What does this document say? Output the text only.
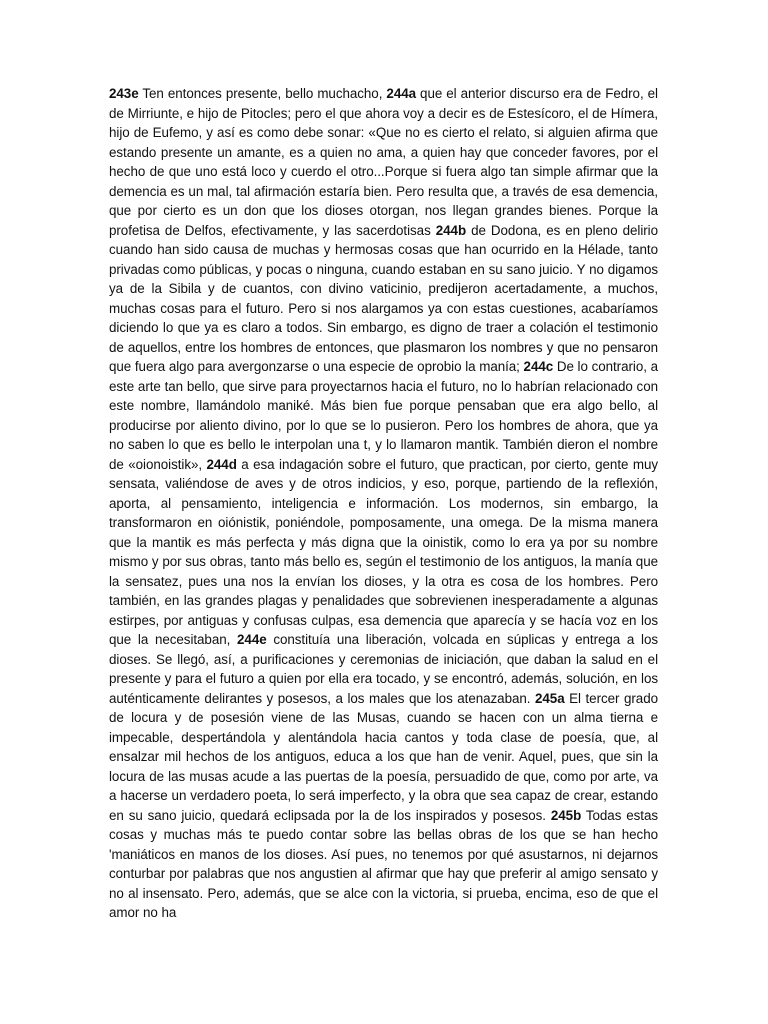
243e Ten entonces presente, bello muchacho, 244a que el anterior discurso era de Fedro, el de Mirriunte, e hijo de Pitocles; pero el que ahora voy a decir es de Estesícoro, el de Hímera, hijo de Eufemo, y así es como debe sonar: «Que no es cierto el relato, si alguien afirma que estando presente un amante, es a quien no ama, a quien hay que conceder favores, por el hecho de que uno está loco y cuerdo el otro...Porque si fuera algo tan simple afirmar que la demencia es un mal, tal afirmación estaría bien. Pero resulta que, a través de esa demencia, que por cierto es un don que los dioses otorgan, nos llegan grandes bienes. Porque la profetisa de Delfos, efectivamente, y las sacerdotisas 244b de Dodona, es en pleno delirio cuando han sido causa de muchas y hermosas cosas que han ocurrido en la Hélade, tanto privadas como públicas, y pocas o ninguna, cuando estaban en su sano juicio. Y no digamos ya de la Sibila y de cuantos, con divino vaticinio, predijeron acertadamente, a muchos, muchas cosas para el futuro. Pero si nos alargamos ya con estas cuestiones, acabaríamos diciendo lo que ya es claro a todos. Sin embargo, es digno de traer a colación el testimonio de aquellos, entre los hombres de entonces, que plasmaron los nombres y que no pensaron que fuera algo para avergonzarse o una especie de oprobio la manía; 244c De lo contrario, a este arte tan bello, que sirve para proyectarnos hacia el futuro, no lo habrían relacionado con este nombre, llamándolo maniké. Más bien fue porque pensaban que era algo bello, al producirse por aliento divino, por lo que se lo pusieron. Pero los hombres de ahora, que ya no saben lo que es bello le interpolan una t, y lo llamaron mantik. También dieron el nombre de «oionoistik», 244d a esa indagación sobre el futuro, que practican, por cierto, gente muy sensata, valiéndose de aves y de otros indicios, y eso, porque, partiendo de la reflexión, aporta, al pensamiento, inteligencia e información. Los modernos, sin embargo, la transformaron en oiónistik, poniéndole, pomposamente, una omega. De la misma manera que la mantik es más perfecta y más digna que la oinistik, como lo era ya por su nombre mismo y por sus obras, tanto más bello es, según el testimonio de los antiguos, la manía que la sensatez, pues una nos la envían los dioses, y la otra es cosa de los hombres. Pero también, en las grandes plagas y penalidades que sobrevienen inesperadamente a algunas estirpes, por antiguas y confusas culpas, esa demencia que aparecía y se hacía voz en los que la necesitaban, 244e constituía una liberación, volcada en súplicas y entrega a los dioses. Se llegó, así, a purificaciones y ceremonias de iniciación, que daban la salud en el presente y para el futuro a quien por ella era tocado, y se encontró, además, solución, en los auténticamente delirantes y posesos, a los males que los atenazaban. 245a El tercer grado de locura y de posesión viene de las Musas, cuando se hacen con un alma tierna e impecable, despertándola y alentándola hacia cantos y toda clase de poesía, que, al ensalzar mil hechos de los antiguos, educa a los que han de venir. Aquel, pues, que sin la locura de las musas acude a las puertas de la poesía, persuadido de que, como por arte, va a hacerse un verdadero poeta, lo será imperfecto, y la obra que sea capaz de crear, estando en su sano juicio, quedará eclipsada por la de los inspirados y posesos. 245b Todas estas cosas y muchas más te puedo contar sobre las bellas obras de los que se han hecho 'maniáticos en manos de los dioses. Así pues, no tenemos por qué asustarnos, ni dejarnos conturbar por palabras que nos angustien al afirmar que hay que preferir al amigo sensato y no al insensato. Pero, además, que se alce con la victoria, si prueba, encima, eso de que el amor no ha
